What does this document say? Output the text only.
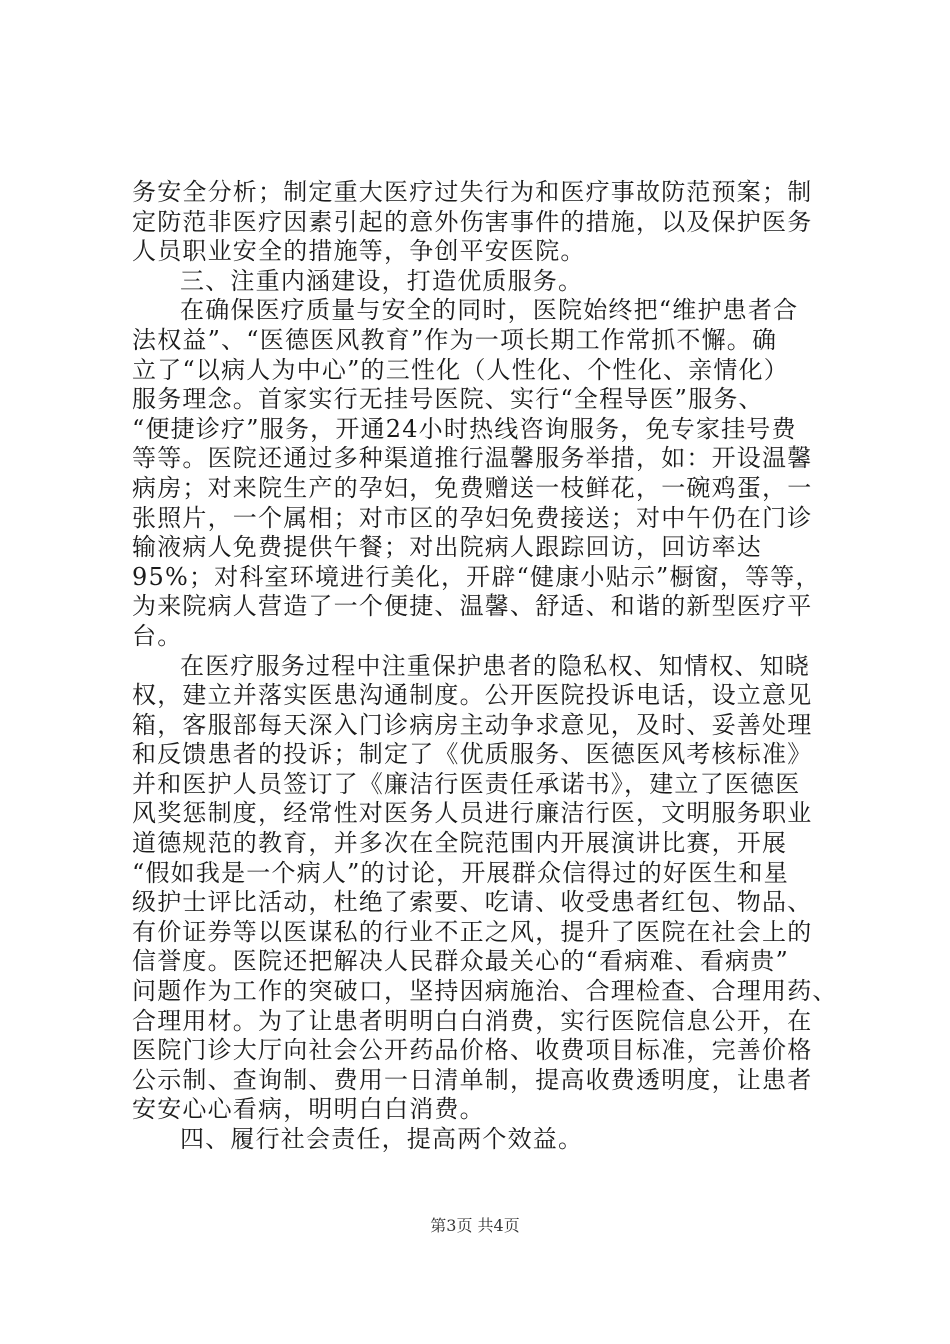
务安全分析；制定重大医疗过失行为和医疗事故防范预案；制
定防范非医疗因素引起的意外伤害事件的措施，以及保护医务
人员职业安全的措施等，争创平安医院。
三、注重内涵建设，打造优质服务。
在确保医疗质量与安全的同时，医院始终把“维护患者合
法权益”、“医德医风教育”作为一项长期工作常抓不懈。确
立了“以病人为中心”的三性化（人性化、个性化、亲情化）
服务理念。首家实行无挂号医院、实行“全程导医”服务、
“便捷诊疗”服务，开通24小时热线咨询服务，免专家挂号费
等等。医院还通过多种渠道推行温馨服务举措，如：开设温馨
病房；对来院生产的孕妇，免费赠送一枝鲜花，一碗鸡蛋，一
张照片，一个属相；对市区的孕妇免费接送；对中午仍在门诊
输液病人免费提供午餐；对出院病人跟踪回访，回访率达
95%；对科室环境进行美化，开辟“健康小贴示”橱窗，等等，
为来院病人营造了一个便捷、温馨、舒适、和谐的新型医疗平
台。
在医疗服务过程中注重保护患者的隐私权、知情权、知晓
权，建立并落实医患沟通制度。公开医院投诉电话，设立意见
箱，客服部每天深入门诊病房主动争求意见，及时、妥善处理
和反馈患者的投诉；制定了《优质服务、医德医风考核标准》
并和医护人员签订了《廉洁行医责任承诺书》，建立了医德医
风奖惩制度，经常性对医务人员进行廉洁行医，文明服务职业
道德规范的教育，并多次在全院范围内开展演讲比赛，开展
“假如我是一个病人”的讨论，开展群众信得过的好医生和星
级护士评比活动，杜绝了索要、吃请、收受患者红包、物品、
有价证券等以医谋私的行业不正之风，提升了医院在社会上的
信誉度。医院还把解决人民群众最关心的“看病难、看病贵”
问题作为工作的突破口，坚持因病施治、合理检查、合理用药、
合理用材。为了让患者明明白白消费，实行医院信息公开，在
医院门诊大厅向社会公开药品价格、收费项目标准，完善价格
公示制、查询制、费用一日清单制，提高收费透明度，让患者
安安心心看病，明明白白消费。
四、履行社会责任，提高两个效益。
第3页 共4页
